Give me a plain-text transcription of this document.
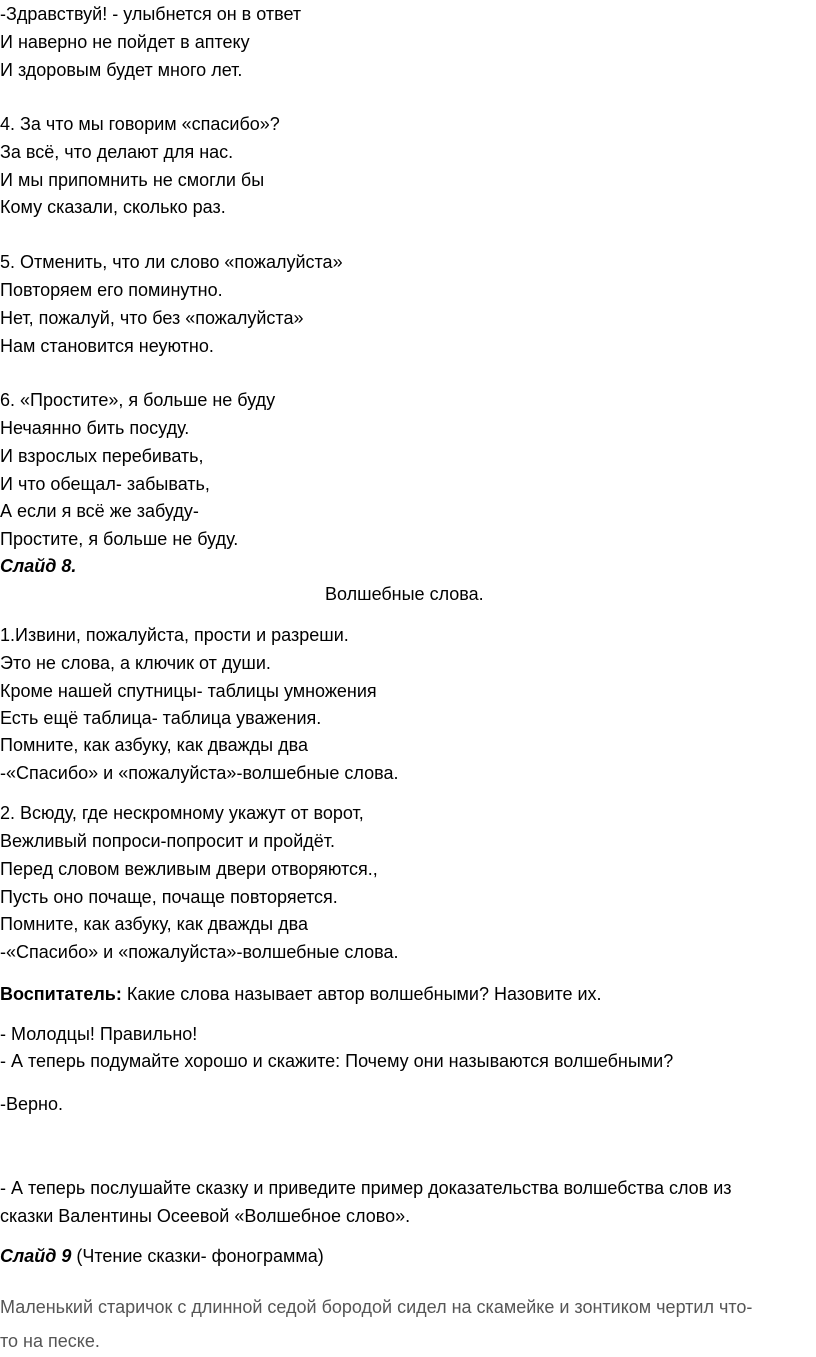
-Здравствуй! - улыбнется он в ответ
И наверно не пойдет в аптеку
И здоровым будет много лет.
4. За что мы говорим «спасибо»?
За всё, что делают для нас.
И мы припомнить не смогли бы
Кому сказали, сколько раз.
5. Отменить, что ли слово «пожалуйста»
Повторяем его поминутно.
Нет, пожалуй, что без «пожалуйста»
Нам становится неуютно.
6. «Простите», я больше не буду
Нечаянно бить посуду.
И взрослых перебивать,
И что обещал- забывать,
А если я всё же забуду-
Простите, я больше не буду.
Слайд 8.
Волшебные слова.
1.Извини, пожалуйста, прости и разреши.
Это не слова, а ключик от души.
Кроме нашей спутницы- таблицы умножения
Есть ещё таблица- таблица уважения.
Помните, как азбуку, как дважды два
-«Спасибо» и «пожалуйста»-волшебные слова.
2. Всюду, где нескромному укажут от ворот,
Вежливый попроси-попросит и пройдёт.
Перед словом вежливым двери отворяются.,
Пусть оно почаще, почаще повторяется.
Помните, как азбуку, как дважды два
-«Спасибо» и «пожалуйста»-волшебные слова.
Воспитатель: Какие слова называет автор волшебными? Назовите их.
- Молодцы! Правильно!
- А теперь подумайте хорошо и скажите: Почему они называются волшебными?
-Верно.
- А теперь послушайте сказку и приведите пример доказательства волшебства слов из
сказки Валентины Осеевой «Волшебное слово».
Слайд 9 (Чтение сказки- фонограмма)
Маленький старичок с длинной седой бородой сидел на скамейке и зонтиком чертил что-
то на песке.
